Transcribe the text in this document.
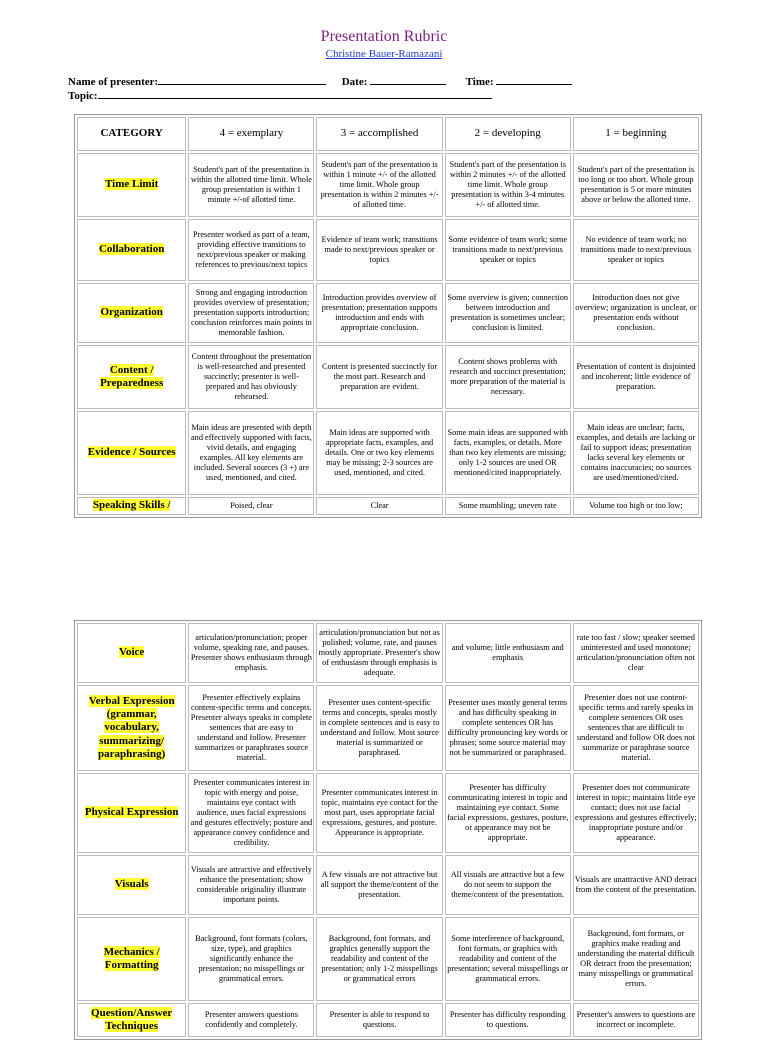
Presentation Rubric
Christine Bauer-Ramazani
Name of presenter:	Date:	Time:
Topic:
CATEGORY	4 = exemplary	3 = accomplished	2 = developing	1 = beginning
Time Limit	Student's part of the presentation is within the allotted time limit. Whole group presentation is within 1 minute +/-of allotted time.	Student's part of the presentation is within 1 minute +/- of the allotted time limit. Whole group presentation is within 2 minutes +/- of allotted time.	Student's part of the presentation is within 2 minutes +/- of the allotted time limit. Whole group presentation is within 3-4 minutes +/- of allotted time.	Student's part of the presentation is too long or too short. Whole group presentation is 5 or more minutes above or below the allotted time.
Collaboration	Presenter worked as part of a team, providing effective transitions to next/previous speaker or making references to previous/next topics	Evidence of team work; transitions made to next/previous speaker or topics	Some evidence of team work; some transitions made to next/previous speaker or topics	No evidence of team work; no transitions made to next/previous speaker or topics
Organization	Strong and engaging introduction provides overview of presentation; presentation supports introduction; conclusion reinforces main points in memorable fashion.	Introduction provides overview of presentation; presentation supports introduction and ends with appropriate conclusion.	Some overview is given; connection between introduction and presentation is sometimes unclear; conclusion is limited.	Introduction does not give overview; organization is unclear, or presentation ends without conclusion.
Content / Preparedness	Content throughout the presentation is well-researched and presented succinctly; presenter is well-prepared and has obviously rehearsed.	Content is presented succinctly for the most part. Research and preparation are evident.	Content shows problems with research and succinct presentation; more preparation of the material is necessary.	Presentation of content is disjointed and incoherent; little evidence of preparation.
Evidence / Sources	Main ideas are presented with depth and effectively supported with facts, vivid details, and engaging examples. All key elements are included. Several sources (3 +) are used, mentioned, and cited.	Main ideas are supported with appropriate facts, examples, and details. One or two key elements may be missing; 2-3 sources are used, mentioned, and cited.	Some main ideas are supported with facts, examples, or details. More than two key elements are missing; only 1-2 sources are used OR mentioned/cited inappropriately.	Main ideas are unclear; facts, examples, and details are lacking or fail to support ideas; presentation lacks several key elements or contains inaccuracies; no sources are used/mentioned/cited.
Speaking Skills /	Poised, clear	Clear	Some mumbling; uneven rate	Volume too high or too low;
Voice	articulation/pronunciation; proper volume, speaking rate, and pauses. Presenter shows enthusiasm through emphasis.	articulation/pronunciation but not as polished; volume, rate, and pauses mostly appropriate. Presenter's show of enthusiasm through emphasis is adequate.	and volume; little enthusiasm and emphasis	rate too fast / slow; speaker seemed uninterested and used monotone; articulation/pronunciation often not clear
Verbal Expression (grammar, vocabulary, summarizing/ paraphrasing)	Presenter effectively explains content-specific terms and concepts. Presenter always speaks in complete sentences that are easy to understand and follow. Presenter summarizes or paraphrases source material.	Presenter uses content-specific terms and concepts, speaks mostly in complete sentences and is easy to understand and follow. Most source material is summarized or paraphrased.	Presenter uses mostly general terms and has difficulty speaking in complete sentences OR has difficulty pronouncing key words or phrases; some source material may not be summarized or paraphrased.	Presenter does not use content-specific terms and rarely speaks in complete sentences OR uses sentences that are difficult to understand and follow OR does not summarize or paraphrase source material.
Physical Expression	Presenter communicates interest in topic with energy and poise, maintains eye contact with audience, uses facial expressions and gestures effectively; posture and appearance convey confidence and credibility.	Presenter communicates interest in topic, maintains eye contact for the most part, uses appropriate facial expressions, gestures, and posture. Appearance is appropriate.	Presenter has difficulty communicating interest in topic and maintaining eye contact. Some facial expressions, gestures, posture, or appearance may not be appropriate.	Presenter does not communicate interest in topic; maintains little eye contact; does not use facial expressions and gestures effectively; inappropriate posture and/or appearance.
Visuals	Visuals are attractive and effectively enhance the presentation; show considerable originality illustrate important points.	A few visuals are not attractive but all support the theme/content of the presentation.	All visuals are attractive but a few do not seem to support the theme/content of the presentation.	Visuals are unattractive AND detract from the content of the presentation.
Mechanics / Formatting	Background, font formats (colors, size, type), and graphics significantly enhance the presentation; no misspellings or grammatical errors.	Background, font formats, and graphics generally support the readability and content of the presentation; only 1-2 misspellings or grammatical errors	Some interference of background, font formats, or graphics with readability and content of the presentation; several misspellings or grammatical errors.	Background, font formats, or graphics make reading and understanding the material difficult OR detract from the presentation; many misspellings or grammatical errors.
Question/Answer Techniques	Presenter answers questions confidently and completely.	Presenter is able to respond to questions.	Presenter has difficulty responding to questions.	Presenter's answers to questions are incorrect or incomplete.
